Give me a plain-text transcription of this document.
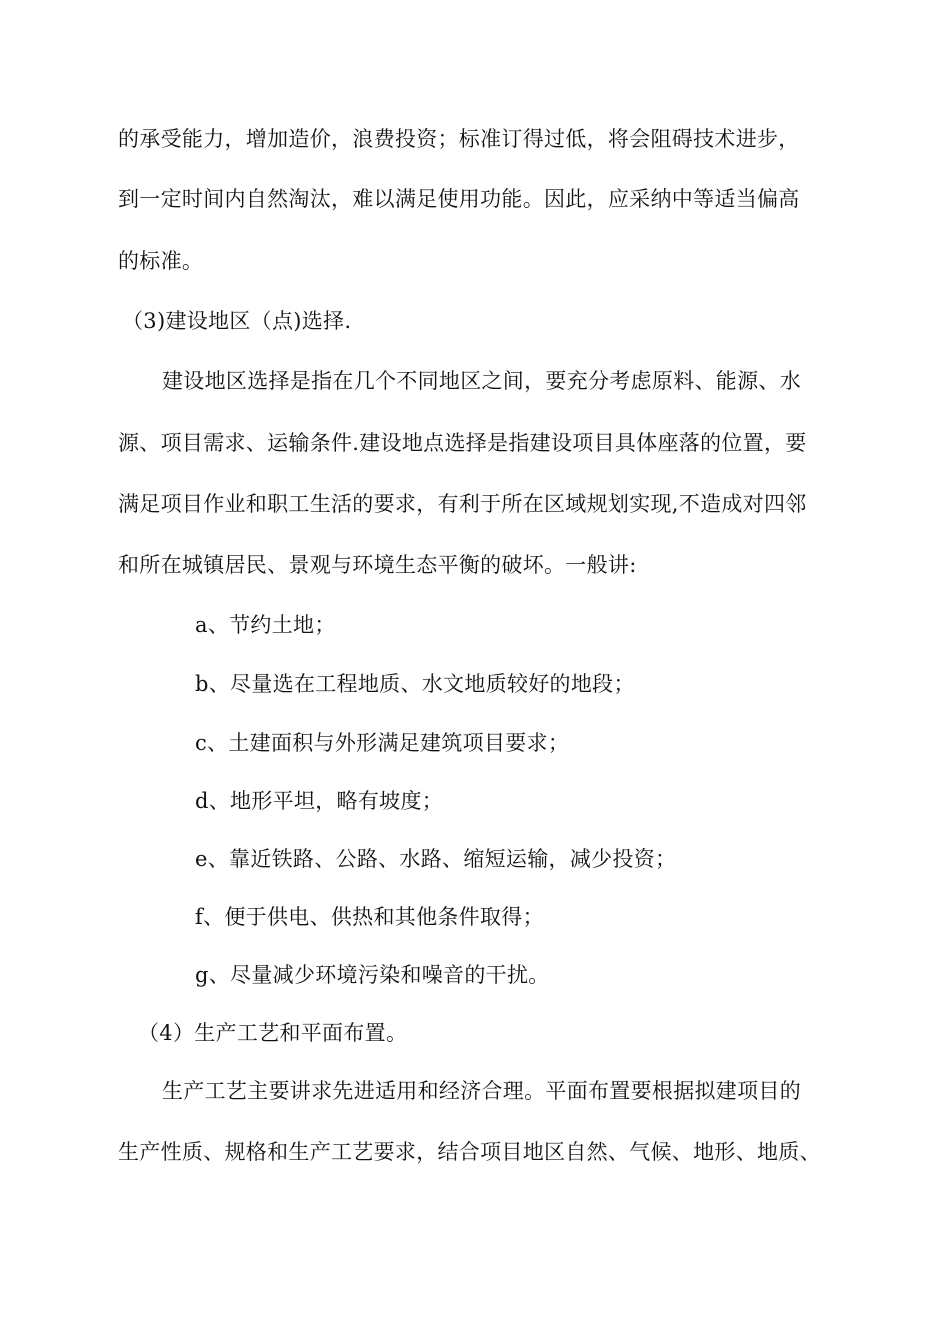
的承受能力，增加造价，浪费投资；标准订得过低，将会阻碍技术进步，
到一定时间内自然淘汰，难以满足使用功能。因此，应采纳中等适当偏高
的标准。
（3)建设地区（点)选择.
建设地区选择是指在几个不同地区之间，要充分考虑原料、能源、水
源、项目需求、运输条件.建设地点选择是指建设项目具体座落的位置，要
满足项目作业和职工生活的要求，有利于所在区域规划实现,不造成对四邻
和所在城镇居民、景观与环境生态平衡的破坏。一般讲:
a、节约土地；
b、尽量选在工程地质、水文地质较好的地段；
c、土建面积与外形满足建筑项目要求；
d、地形平坦，略有坡度；
e、靠近铁路、公路、水路、缩短运输，减少投资；
f、便于供电、供热和其他条件取得；
g、尽量减少环境污染和噪音的干扰。
（4）生产工艺和平面布置。
生产工艺主要讲求先进适用和经济合理。平面布置要根据拟建项目的
生产性质、规格和生产工艺要求，结合项目地区自然、气候、地形、地质、
